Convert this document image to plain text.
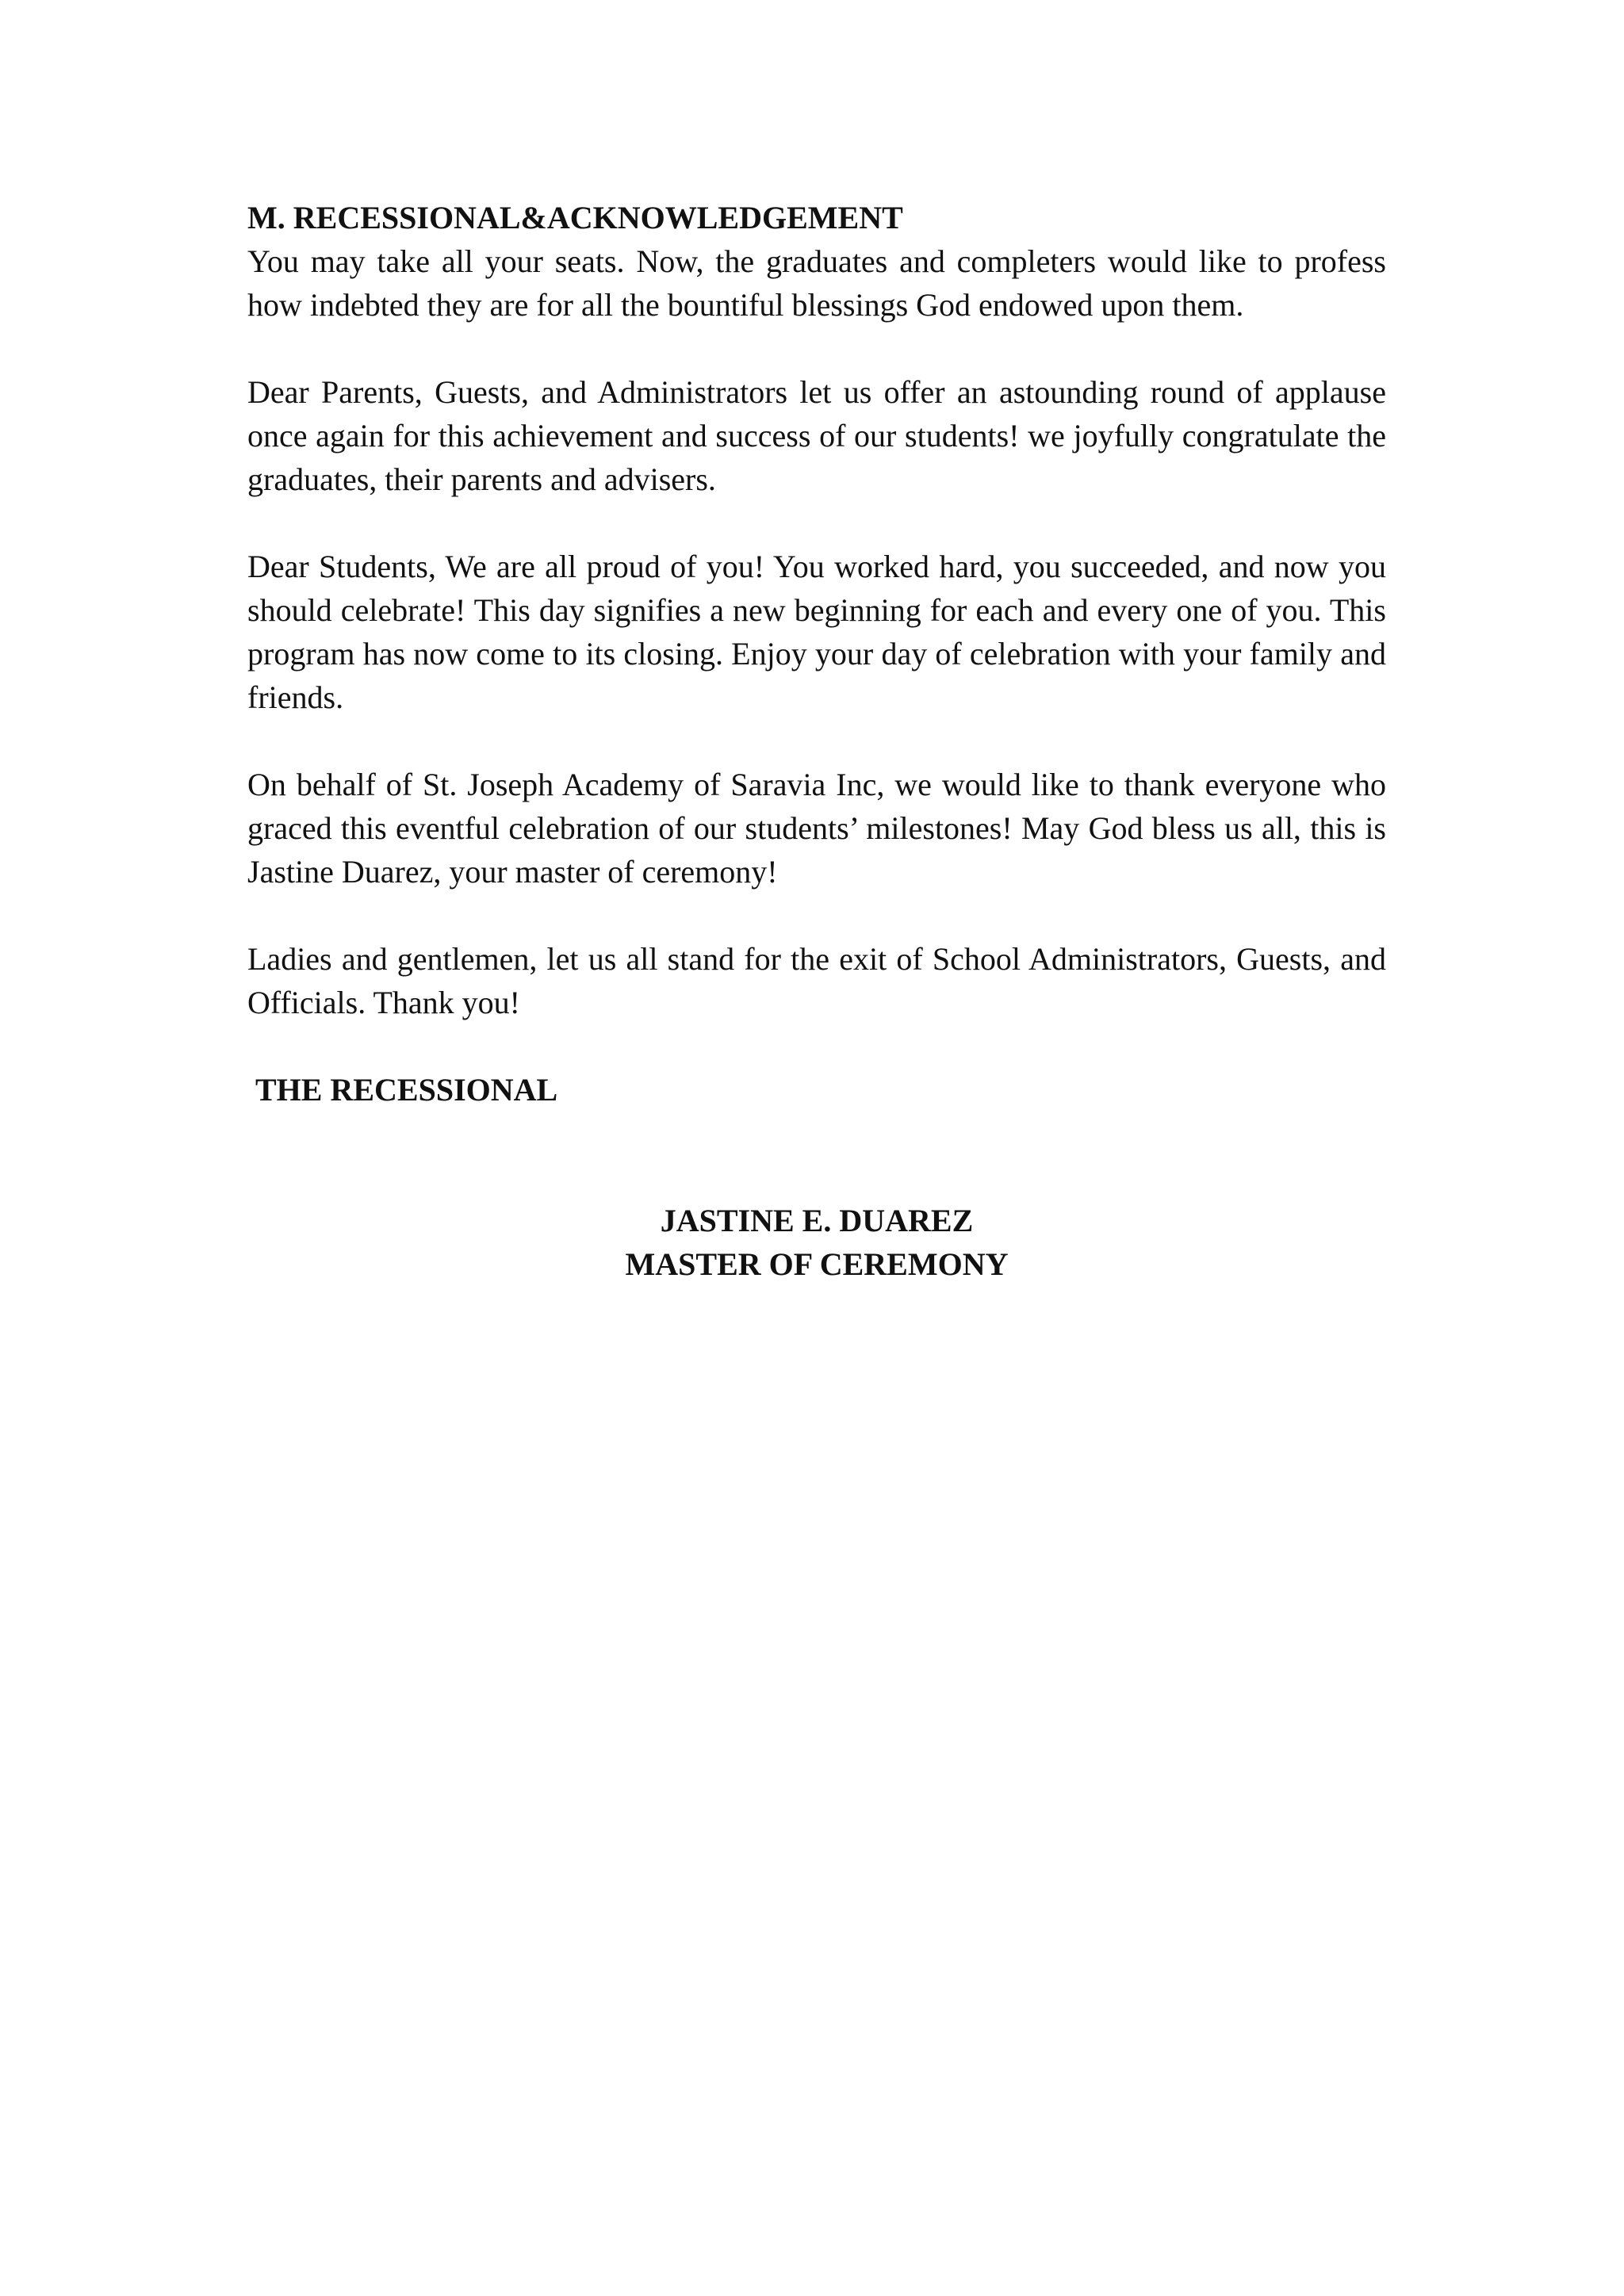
M. RECESSIONAL&ACKNOWLEDGEMENT

You may take all your seats. Now, the graduates and completers would like to profess how indebted they are for all the bountiful blessings God endowed upon them.

Dear Parents, Guests, and Administrators let us offer an astounding round of applause once again for this achievement and success of our students! we joyfully congratulate the graduates, their parents and advisers.

Dear Students, We are all proud of you! You worked hard, you succeeded, and now you should celebrate! This day signifies a new beginning for each and every one of you. This program has now come to its closing. Enjoy your day of celebration with your family and friends.

On behalf of St. Joseph Academy of Saravia Inc, we would like to thank everyone who graced this eventful celebration of our students’ milestones! May God bless us all, this is Jastine Duarez, your master of ceremony!

Ladies and gentlemen, let us all stand for the exit of School Administrators, Guests, and Officials. Thank you!

THE RECESSIONAL

JASTINE E. DUAREZ
MASTER OF CEREMONY
